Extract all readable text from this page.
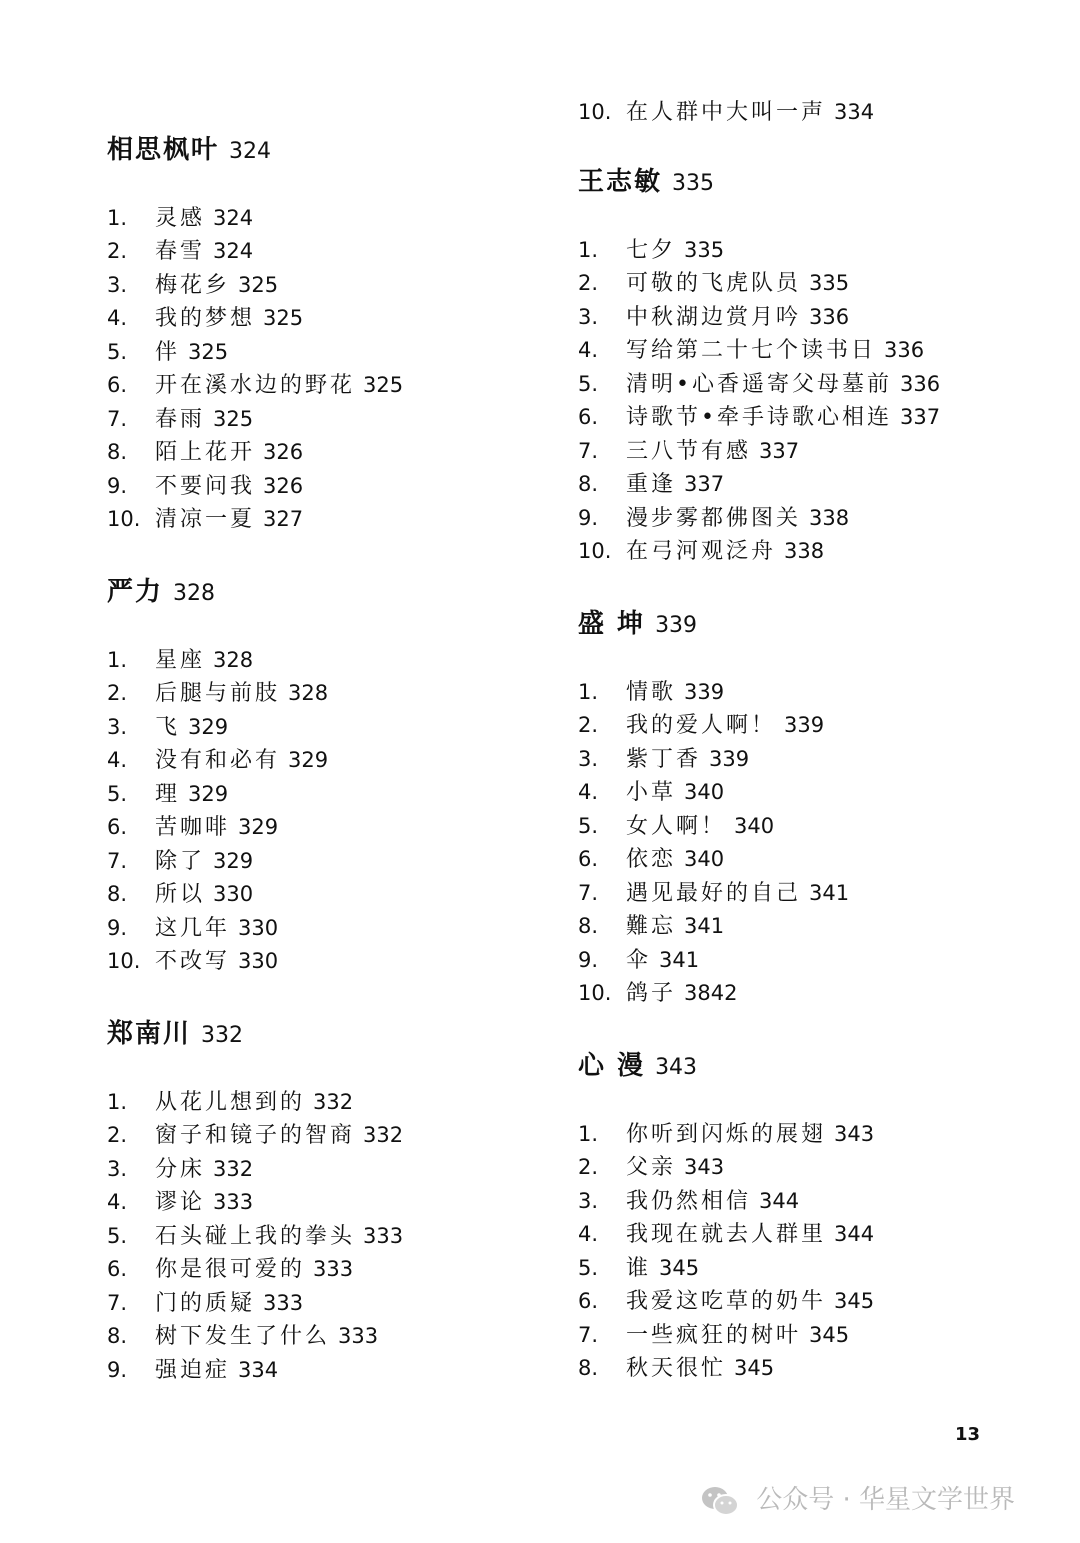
相思枫叶 324
1. 灵感 324
2. 春雪 324
3. 梅花乡 325
4. 我的梦想 325
5. 伴 325
6. 开在溪水边的野花 325
7. 春雨 325
8. 陌上花开 326
9. 不要问我 326
10. 清凉一夏 327
严力 328
1. 星座 328
2. 后腿与前肢 328
3. 飞 329
4. 没有和必有 329
5. 理 329
6. 苦咖啡 329
7. 除了 329
8. 所以 330
9. 这几年 330
10. 不改写 330
郑南川 332
1. 从花儿想到的 332
2. 窗子和镜子的智商 332
3. 分床 332
4. 谬论 333
5. 石头碰上我的拳头 333
6. 你是很可爱的 333
7. 门的质疑 333
8. 树下发生了什么 333
9. 强迫症 334
10. 在人群中大叫一声 334
王志敏 335
1. 七夕 335
2. 可敬的飞虎队员 335
3. 中秋湖边赏月吟 336
4. 写给第二十七个读书日 336
5. 清明•心香遥寄父母墓前 336
6. 诗歌节•牵手诗歌心相连 337
7. 三八节有感 337
8. 重逢 337
9. 漫步雾都佛图关 338
10. 在弓河观泛舟 338
盛 坤 339
1. 情歌 339
2. 我的爱人啊！ 339
3. 紫丁香 339
4. 小草 340
5. 女人啊！ 340
6. 依恋 340
7. 遇见最好的自己 341
8. 難忘 341
9. 伞 341
10. 鸽子 3842
心 漫 343
1. 你听到闪烁的展翅 343
2. 父亲 343
3. 我仍然相信 344
4. 我现在就去人群里 344
5. 谁 345
6. 我爱这吃草的奶牛 345
7. 一些疯狂的树叶 345
8. 秋天很忙 345
13
公众号 · 华星文学世界
